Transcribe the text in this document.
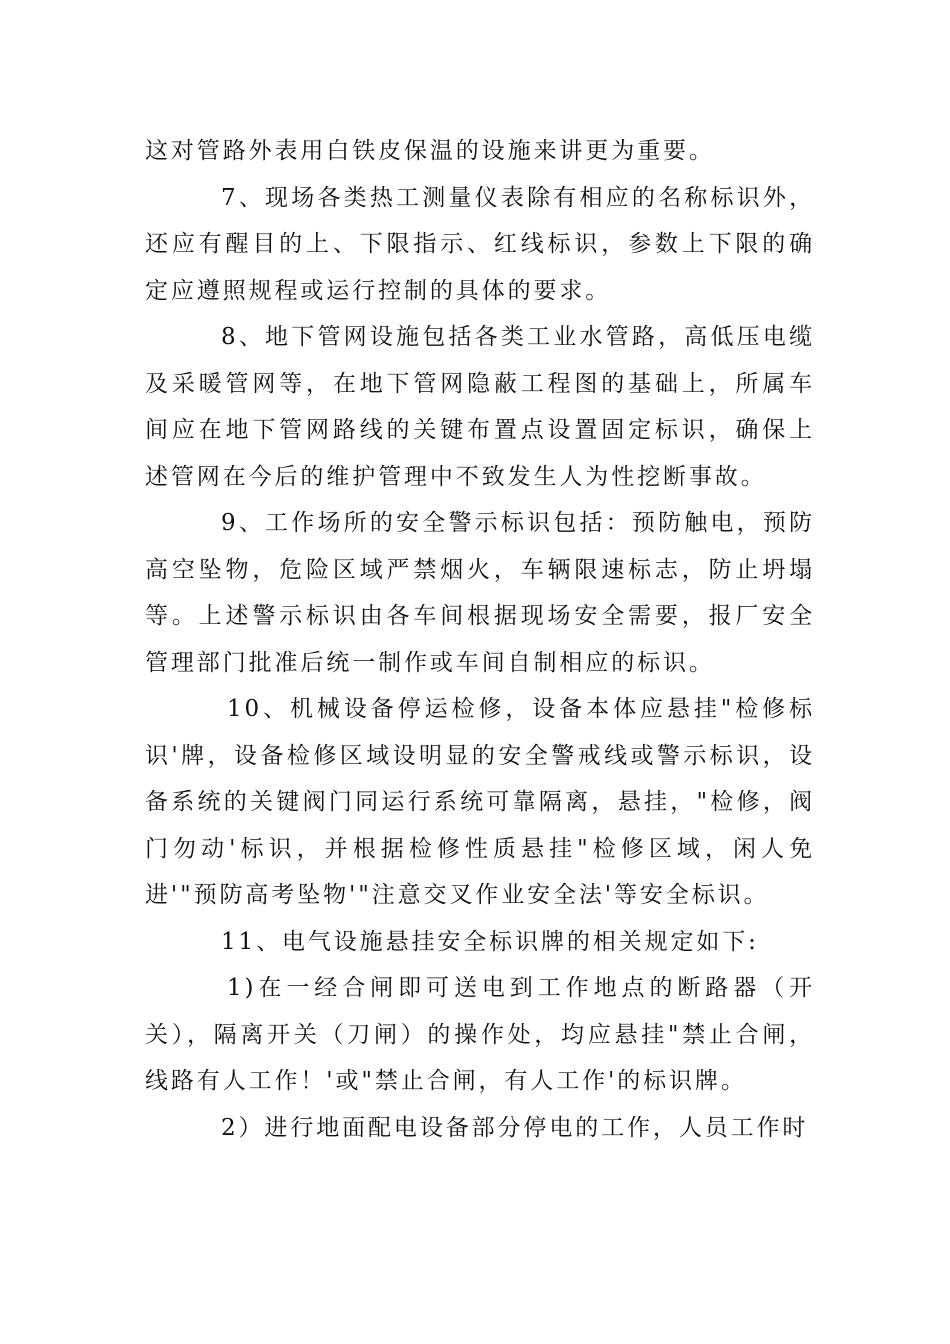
这对管路外表用白铁皮保温的设施来讲更为重要。

7、现场各类热工测量仪表除有相应的名称标识外，还应有醒目的上、下限指示、红线标识，参数上下限的确定应遵照规程或运行控制的具体的要求。

8、地下管网设施包括各类工业水管路，高低压电缆及采暖管网等，在地下管网隐蔽工程图的基础上，所属车间应在地下管网路线的关键布置点设置固定标识，确保上述管网在今后的维护管理中不致发生人为性挖断事故。

9、工作场所的安全警示标识包括：预防触电，预防高空坠物，危险区域严禁烟火，车辆限速标志，防止坍塌等。上述警示标识由各车间根据现场安全需要，报厂安全管理部门批准后统一制作或车间自制相应的标识。

10、机械设备停运检修，设备本体应悬挂"检修标识'牌，设备检修区域设明显的安全警戒线或警示标识，设备系统的关键阀门同运行系统可靠隔离，悬挂，"检修，阀门勿动'标识，并根据检修性质悬挂"检修区域，闲人免进'"预防高考坠物'"注意交叉作业安全法'等安全标识。

11、电气设施悬挂安全标识牌的相关规定如下:

1)在一经合闸即可送电到工作地点的断路器（开关），隔离开关（刀闸）的操作处，均应悬挂"禁止合闸，线路有人工作！'或"禁止合闸，有人工作'的标识牌。

2）进行地面配电设备部分停电的工作，人员工作时
